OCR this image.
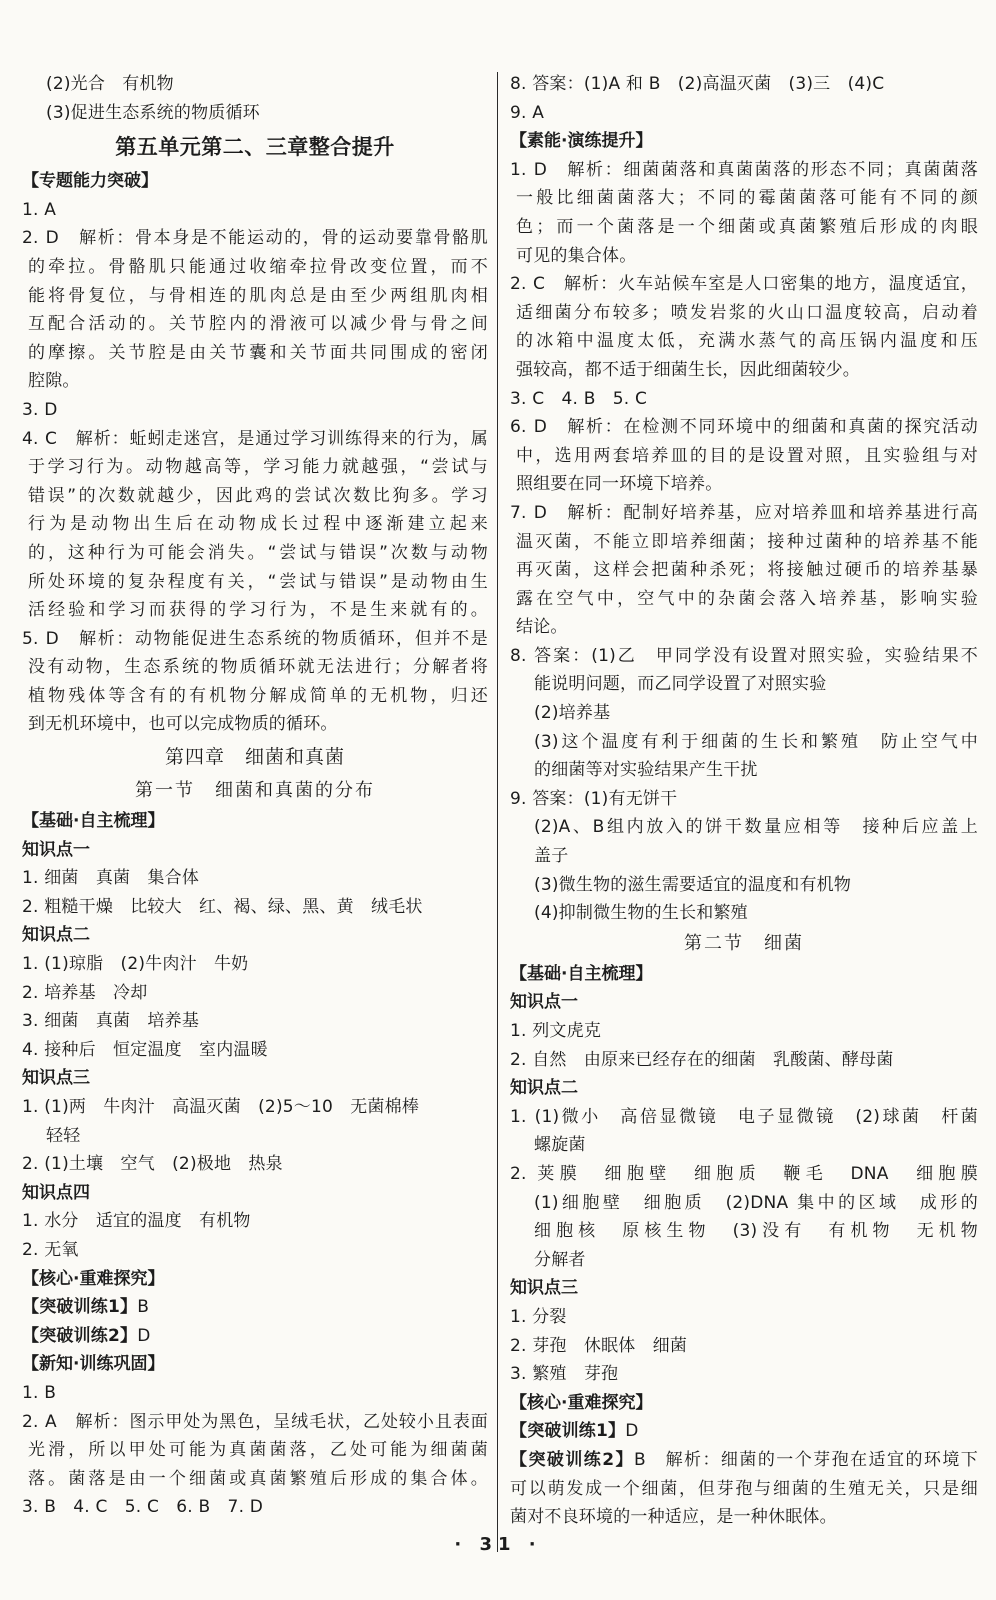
(2)光合　有机物
(3)促进生态系统的物质循环
第五单元第二、三章整合提升
【专题能力突破】
1. A
2. D　解析：骨本身是不能运动的，骨的运动要靠骨骼肌
的牵拉。骨骼肌只能通过收缩牵拉骨改变位置，而不
能将骨复位，与骨相连的肌肉总是由至少两组肌肉相
互配合活动的。关节腔内的滑液可以减少骨与骨之间
的摩擦。关节腔是由关节囊和关节面共同围成的密闭
腔隙。
3. D
4. C　解析：蚯蚓走迷宫，是通过学习训练得来的行为，属
于学习行为。动物越高等，学习能力就越强，“尝试与
错误”的次数就越少，因此鸡的尝试次数比狗多。学习
行为是动物出生后在动物成长过程中逐渐建立起来
的，这种行为可能会消失。“尝试与错误”次数与动物
所处环境的复杂程度有关，“尝试与错误”是动物由生
活经验和学习而获得的学习行为，不是生来就有的。
5. D　解析：动物能促进生态系统的物质循环，但并不是
没有动物，生态系统的物质循环就无法进行；分解者将
植物残体等含有的有机物分解成简单的无机物，归还
到无机环境中，也可以完成物质的循环。
第四章　细菌和真菌
第一节　细菌和真菌的分布
【基础·自主梳理】
知识点一
1. 细菌　真菌　集合体
2. 粗糙干燥　比较大　红、褐、绿、黑、黄　绒毛状
知识点二
1. (1)琼脂　(2)牛肉汁　牛奶
2. 培养基　冷却
3. 细菌　真菌　培养基
4. 接种后　恒定温度　室内温暖
知识点三
1. (1)两　牛肉汁　高温灭菌　(2)5～10　无菌棉棒
轻轻
2. (1)土壤　空气　(2)极地　热泉
知识点四
1. 水分　适宜的温度　有机物
2. 无氧
【核心·重难探究】
【突破训练1】B
【突破训练2】D
【新知·训练巩固】
1. B
2. A　解析：图示甲处为黑色，呈绒毛状，乙处较小且表面
光滑，所以甲处可能为真菌菌落，乙处可能为细菌菌
落。菌落是由一个细菌或真菌繁殖后形成的集合体。
3. B　4. C　5. C　6. B　7. D
8. 答案：(1)A 和 B　(2)高温灭菌　(3)三　(4)C
9. A
【素能·演练提升】
1. D　解析：细菌菌落和真菌菌落的形态不同；真菌菌落
一般比细菌菌落大；不同的霉菌菌落可能有不同的颜
色；而一个菌落是一个细菌或真菌繁殖后形成的肉眼
可见的集合体。
2. C　解析：火车站候车室是人口密集的地方，温度适宜，
适细菌分布较多；喷发岩浆的火山口温度较高，启动着
的冰箱中温度太低，充满水蒸气的高压锅内温度和压
强较高，都不适于细菌生长，因此细菌较少。
3. C　4. B　5. C
6. D　解析：在检测不同环境中的细菌和真菌的探究活动
中，选用两套培养皿的目的是设置对照，且实验组与对
照组要在同一环境下培养。
7. D　解析：配制好培养基，应对培养皿和培养基进行高
温灭菌，不能立即培养细菌；接种过菌种的培养基不能
再灭菌，这样会把菌种杀死；将接触过硬币的培养基暴
露在空气中，空气中的杂菌会落入培养基，影响实验
结论。
8. 答案：(1)乙　甲同学没有设置对照实验，实验结果不
能说明问题，而乙同学设置了对照实验
(2)培养基
(3)这个温度有利于细菌的生长和繁殖　防止空气中
的细菌等对实验结果产生干扰
9. 答案：(1)有无饼干
(2)A、B组内放入的饼干数量应相等　接种后应盖上
盖子
(3)微生物的滋生需要适宜的温度和有机物
(4)抑制微生物的生长和繁殖
第二节　细菌
【基础·自主梳理】
知识点一
1. 列文虎克
2. 自然　由原来已经存在的细菌　乳酸菌、酵母菌
知识点二
1. (1)微小　高倍显微镜　电子显微镜　(2)球菌　杆菌
螺旋菌
2. 荚膜　细胞壁　细胞质　鞭毛　DNA　细胞膜
(1)细胞壁　细胞质　(2)DNA 集中的区域　成形的
细胞核　原核生物　(3)没有　有机物　无机物
分解者
知识点三
1. 分裂
2. 芽孢　休眠体　细菌
3. 繁殖　芽孢
【核心·重难探究】
【突破训练1】D
【突破训练2】B　解析：细菌的一个芽孢在适宜的环境下
可以萌发成一个细菌，但芽孢与细菌的生殖无关，只是细
菌对不良环境的一种适应，是一种休眠体。
· 31 ·
